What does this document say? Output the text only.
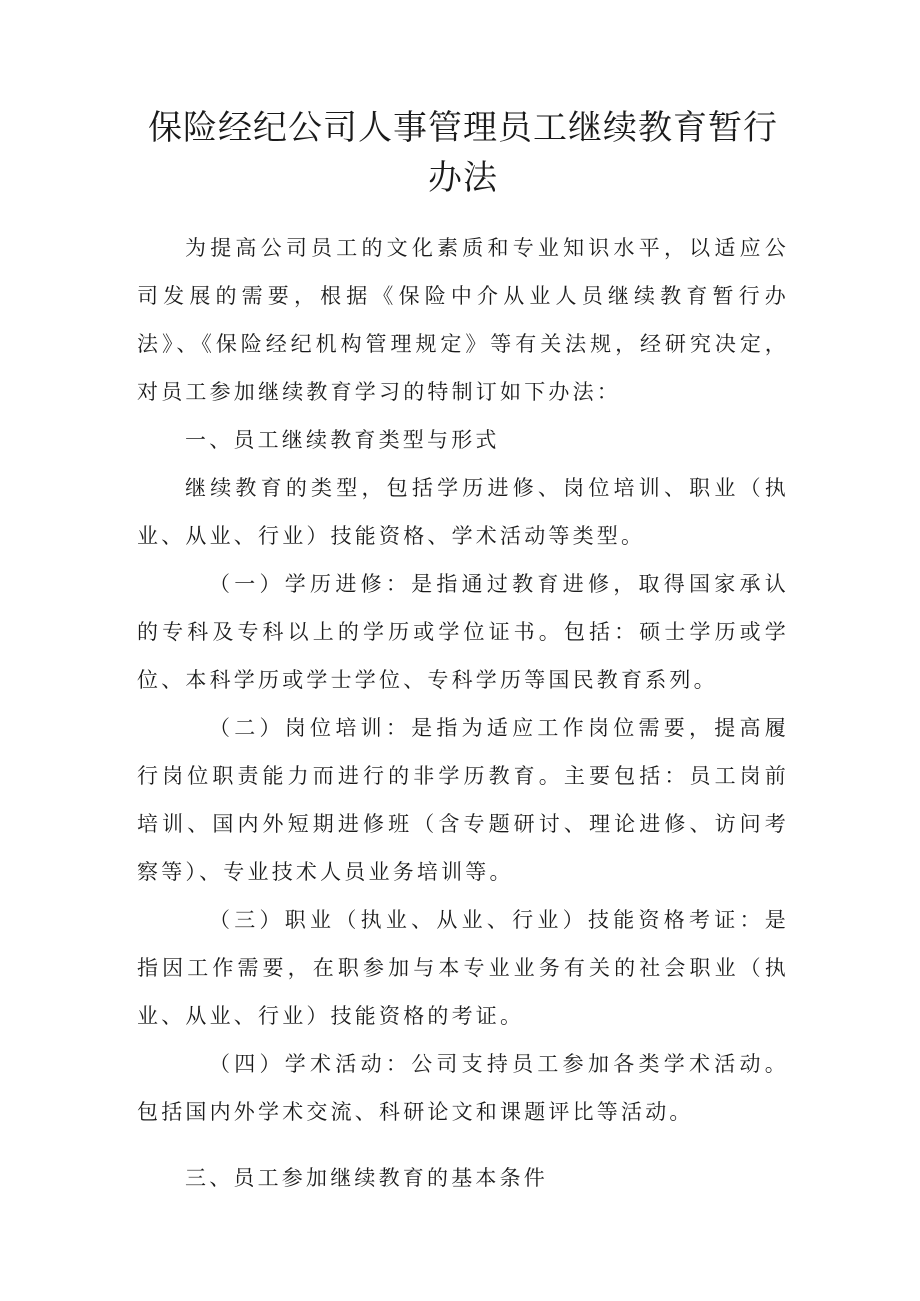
保险经纪公司人事管理员工继续教育暂行
办法

为提高公司员工的文化素质和专业知识水平，以适应公司发展的需要，根据《保险中介从业人员继续教育暂行办法》、《保险经纪机构管理规定》等有关法规，经研究决定，对员工参加继续教育学习的特制订如下办法：

一、员工继续教育类型与形式

继续教育的类型，包括学历进修、岗位培训、职业（执业、从业、行业）技能资格、学术活动等类型。

（一）学历进修：是指通过教育进修，取得国家承认的专科及专科以上的学历或学位证书。包括：硕士学历或学位、本科学历或学士学位、专科学历等国民教育系列。

（二）岗位培训：是指为适应工作岗位需要，提高履行岗位职责能力而进行的非学历教育。主要包括：员工岗前培训、国内外短期进修班（含专题研讨、理论进修、访问考察等）、专业技术人员业务培训等。

（三）职业（执业、从业、行业）技能资格考证：是指因工作需要，在职参加与本专业业务有关的社会职业（执业、从业、行业）技能资格的考证。

（四）学术活动：公司支持员工参加各类学术活动。包括国内外学术交流、科研论文和课题评比等活动。

三、员工参加继续教育的基本条件
